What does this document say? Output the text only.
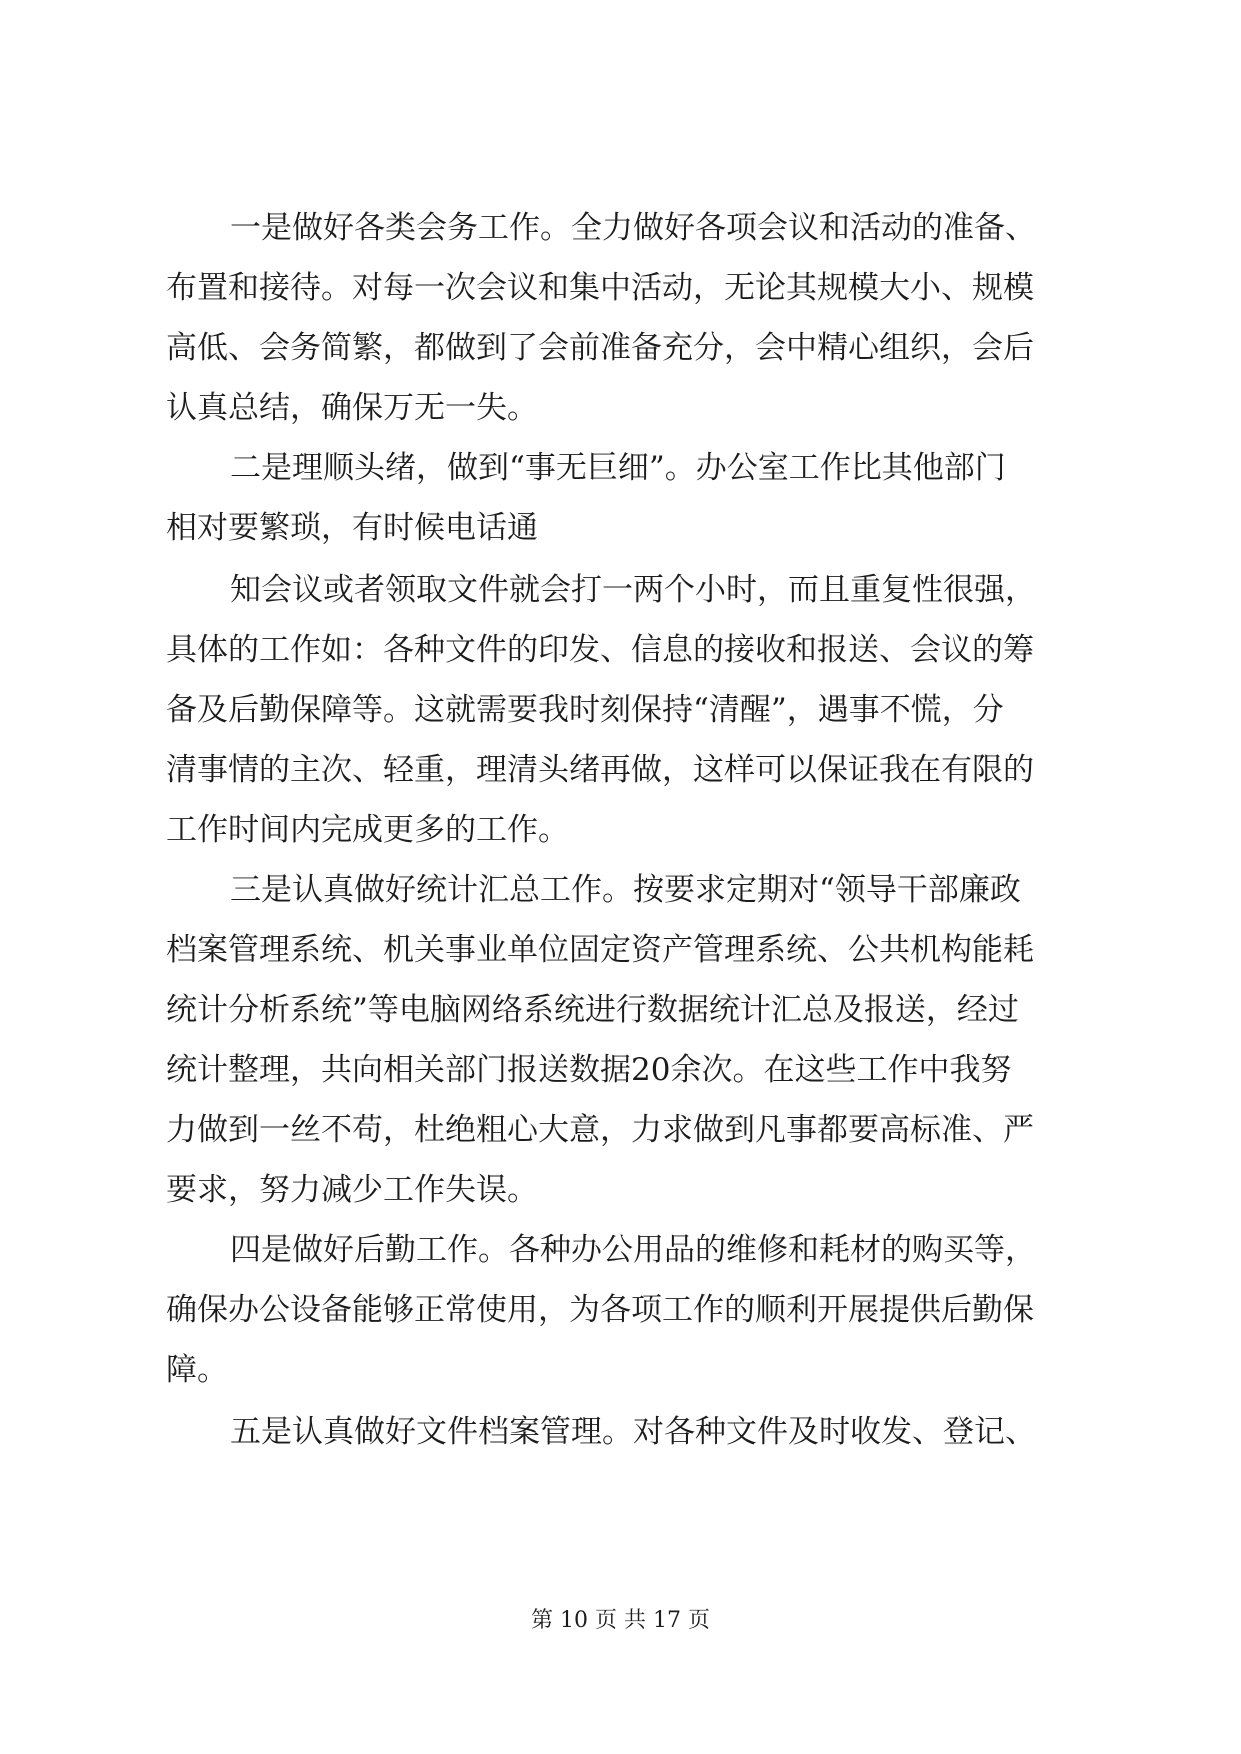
一是做好各类会务工作。全力做好各项会议和活动的准备、
布置和接待。对每一次会议和集中活动，无论其规模大小、规模
高低、会务简繁，都做到了会前准备充分，会中精心组织，会后
认真总结，确保万无一失。
二是理顺头绪，做到“事无巨细”。办公室工作比其他部门
相对要繁琐，有时候电话通
知会议或者领取文件就会打一两个小时，而且重复性很强，
具体的工作如：各种文件的印发、信息的接收和报送、会议的筹
备及后勤保障等。这就需要我时刻保持“清醒”，遇事不慌，分
清事情的主次、轻重，理清头绪再做，这样可以保证我在有限的
工作时间内完成更多的工作。
三是认真做好统计汇总工作。按要求定期对“领导干部廉政
档案管理系统、机关事业单位固定资产管理系统、公共机构能耗
统计分析系统”等电脑网络系统进行数据统计汇总及报送，经过
统计整理，共向相关部门报送数据20余次。在这些工作中我努
力做到一丝不苟，杜绝粗心大意，力求做到凡事都要高标准、严
要求，努力减少工作失误。
四是做好后勤工作。各种办公用品的维修和耗材的购买等，
确保办公设备能够正常使用，为各项工作的顺利开展提供后勤保
障。
五是认真做好文件档案管理。对各种文件及时收发、登记、
第 10 页 共 17 页
